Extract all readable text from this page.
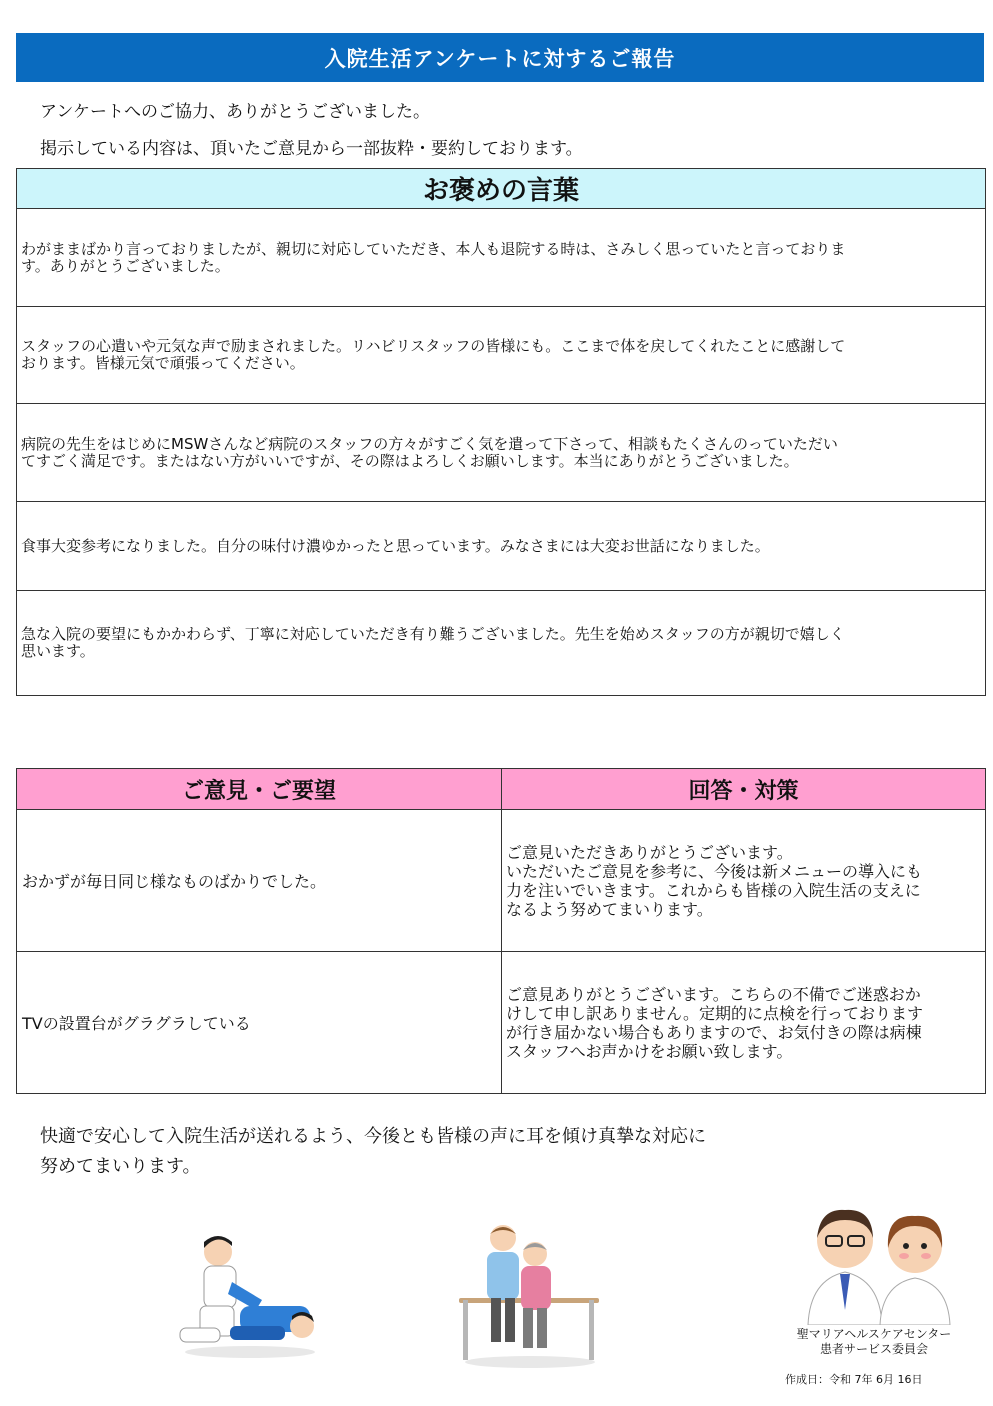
入院生活アンケートに対するご報告
アンケートへのご協力、ありがとうございました。
掲示している内容は、頂いたご意見から一部抜粋・要約しております。
お褒めの言葉
わがままばかり言っておりましたが、親切に対応していただき、本人も退院する時は、さみしく思っていたと言っておりま
す。ありがとうございました。
スタッフの心遣いや元気な声で励まされました。リハビリスタッフの皆様にも。ここまで体を戻してくれたことに感謝して
おります。皆様元気で頑張ってください。
病院の先生をはじめにMSWさんなど病院のスタッフの方々がすごく気を遣って下さって、相談もたくさんのっていただい
てすごく満足です。またはない方がいいですが、その際はよろしくお願いします。本当にありがとうございました。
食事大変参考になりました。自分の味付け濃ゆかったと思っています。みなさまには大変お世話になりました。
急な入院の要望にもかかわらず、丁寧に対応していただき有り難うございました。先生を始めスタッフの方が親切で嬉しく
思います。
ご意見・ご要望	回答・対策
おかずが毎日同じ様なものばかりでした。
ご意見いただきありがとうございます。
いただいたご意見を参考に、今後は新メニューの導入にも
力を注いでいきます。これからも皆様の入院生活の支えに
なるよう努めてまいります。
TVの設置台がグラグラしている
ご意見ありがとうございます。こちらの不備でご迷惑おか
けして申し訳ありません。定期的に点検を行っております
が行き届かない場合もありますので、お気付きの際は病棟
スタッフへお声かけをお願い致します。
快適で安心して入院生活が送れるよう、今後とも皆様の声に耳を傾け真摯な対応に
努めてまいります。
聖マリアヘルスケアセンター
患者サービス委員会
作成日：令和 7年 6月 16日
